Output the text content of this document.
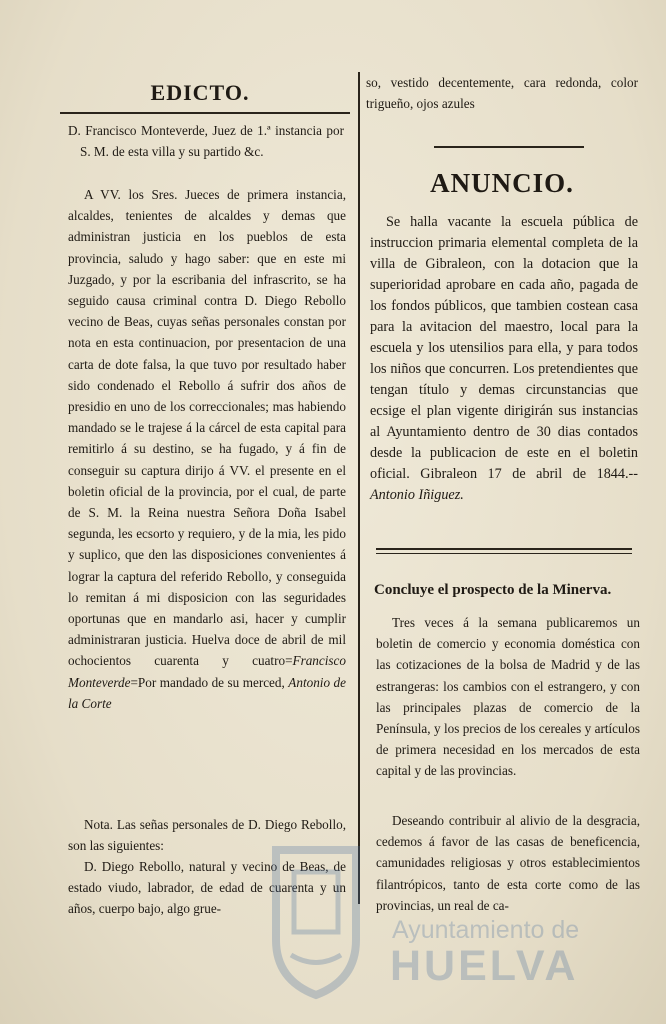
EDICTO.

D. Francisco Monteverde, Juez de 1.ª instancia por S. M. de esta villa y su partido &c.

A VV. los Sres. Jueces de primera instancia, alcaldes, tenientes de alcaldes y demas que administran justicia en los pueblos de esta provincia, saludo y hago saber: que en este mi Juzgado, y por la escribania del infrascrito, se ha seguido causa criminal contra D. Diego Rebollo vecino de Beas, cuyas señas personales constan por nota en esta continuacion, por presentacion de una carta de dote falsa, la que tuvo por resultado haber sido condenado el Rebollo á sufrir dos años de presidio en uno de los correccionales; mas habiendo mandado se le trajese á la cárcel de esta capital para remitirlo á su destino, se ha fugado, y á fin de conseguir su captura dirijo á VV. el presente en el boletin oficial de la provincia, por el cual, de parte de S. M. la Reina nuestra Señora Doña Isabel segunda, les ecsorto y requiero, y de la mia, les pido y suplico, que den las disposiciones convenientes á lograr la captura del referido Rebollo, y conseguida lo remitan á mi disposicion con las seguridades oportunas que en mandarlo asi, hacer y cumplir administraran justicia. Huelva doce de abril de mil ochocientos cuarenta y cuatro=Francisco Monteverde=Por mandado de su merced, Antonio de la Corte

Nota. Las señas personales de D. Diego Rebollo, son las siguientes:

D. Diego Rebollo, natural y vecino de Beas, de estado viudo, labrador, de edad de cuarenta y un años, cuerpo bajo, algo grue-

so, vestido decentemente, cara redonda, color trigueño, ojos azules

ANUNCIO.

Se halla vacante la escuela pública de instruccion primaria elemental completa de la villa de Gibraleon, con la dotacion que la superioridad aprobare en cada año, pagada de los fondos públicos, que tambien costean casa para la avitacion del maestro, local para la escuela y los utensilios para ella, y para todos los niños que concurren. Los pretendientes que tengan título y demas circunstancias que ecsige el plan vigente dirigirán sus instancias al Ayuntamiento dentro de 30 dias contados desde la publicacion de este en el boletin oficial. Gibraleon 17 de abril de 1844.--Antonio Iñiguez.

Concluye el prospecto de la Minerva.

Tres veces á la semana publicaremos un boletin de comercio y economia doméstica con las cotizaciones de la bolsa de Madrid y de las estrangeras: los cambios con el estrangero, y con las principales plazas de comercio de la Península, y los precios de los cereales y artículos de primera necesidad en los mercados de esta capital y de las provincias.

Deseando contribuir al alivio de la desgracia, cedemos á favor de las casas de beneficencia, camunidades religiosas y otros establecimientos filantrópicos, tanto de esta corte como de las provincias, un real de ca-

Ayuntamiento de
HUELVA
